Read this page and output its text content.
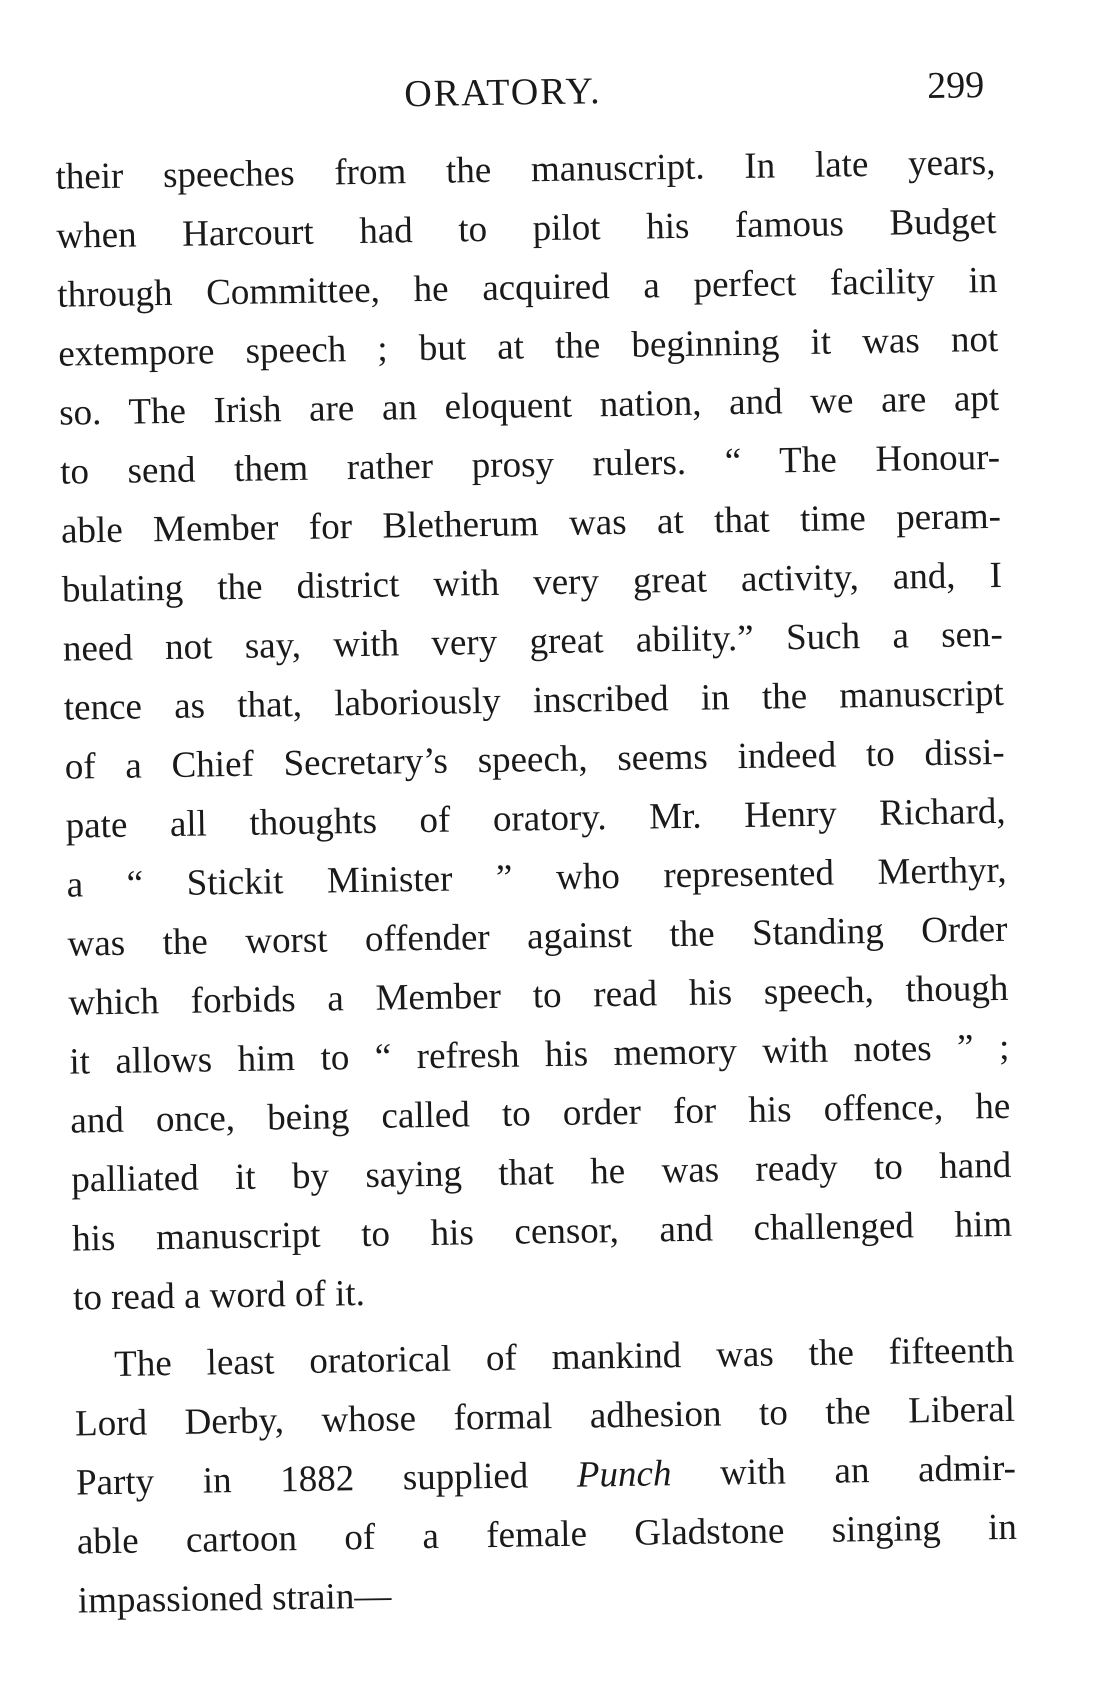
ORATORY.	299
their speeches from the manuscript. In late years,
when Harcourt had to pilot his famous Budget
through Committee, he acquired a perfect facility in
extempore speech ; but at the beginning it was not
so. The Irish are an eloquent nation, and we are apt
to send them rather prosy rulers. “ The Honour-
able Member for Bletherum was at that time peram-
bulating the district with very great activity, and, I
need not say, with very great ability.” Such a sen-
tence as that, laboriously inscribed in the manuscript
of a Chief Secretary’s speech, seems indeed to dissi-
pate all thoughts of oratory. Mr. Henry Richard,
a “ Stickit Minister ” who represented Merthyr,
was the worst offender against the Standing Order
which forbids a Member to read his speech, though
it allows him to “ refresh his memory with notes ” ;
and once, being called to order for his offence, he
palliated it by saying that he was ready to hand
his manuscript to his censor, and challenged him
to read a word of it.
The least oratorical of mankind was the fifteenth
Lord Derby, whose formal adhesion to the Liberal
Party in 1882 supplied Punch with an admir-
able cartoon of a female Gladstone singing in
impassioned strain—
